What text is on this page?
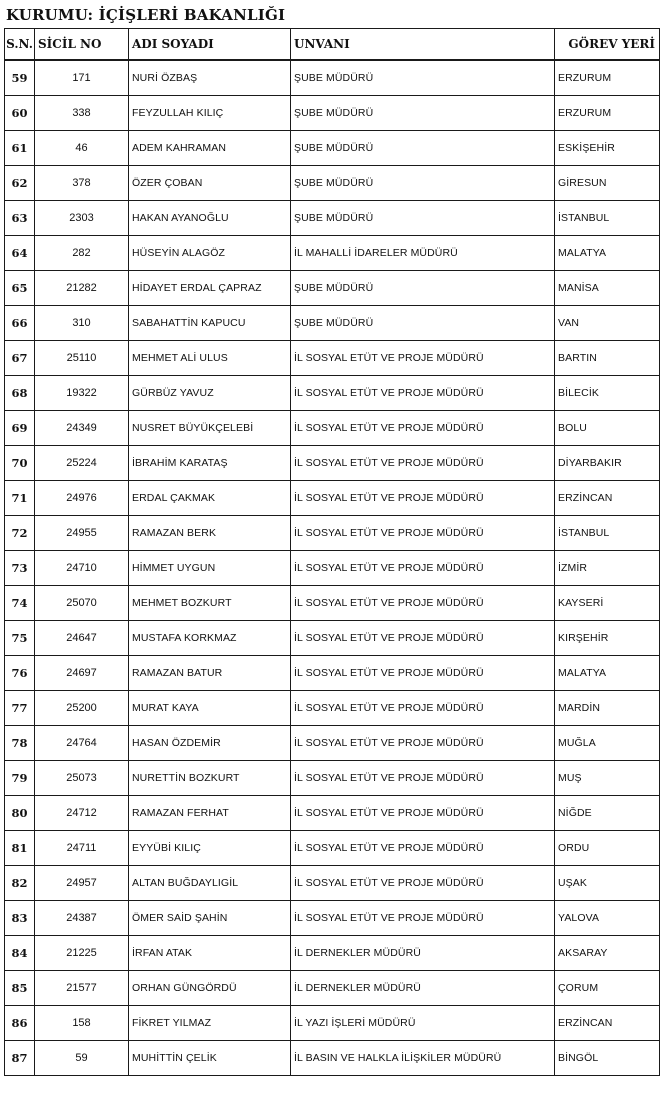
KURUMU: İÇİŞLERİ BAKANLIĞI
S.N.	SİCİL NO	ADI SOYADI	UNVANI	GÖREV YERİ
59	171	NURİ ÖZBAŞ	ŞUBE MÜDÜRÜ	ERZURUM
60	338	FEYZULLAH KILIÇ	ŞUBE MÜDÜRÜ	ERZURUM
61	46	ADEM KAHRAMAN	ŞUBE MÜDÜRÜ	ESKİŞEHİR
62	378	ÖZER ÇOBAN	ŞUBE MÜDÜRÜ	GİRESUN
63	2303	HAKAN AYANOĞLU	ŞUBE MÜDÜRÜ	İSTANBUL
64	282	HÜSEYİN ALAGÖZ	İL MAHALLİ İDARELER MÜDÜRÜ	MALATYA
65	21282	HİDAYET ERDAL ÇAPRAZ	ŞUBE MÜDÜRÜ	MANİSA
66	310	SABAHATTİN KAPUCU	ŞUBE MÜDÜRÜ	VAN
67	25110	MEHMET ALİ ULUS	İL SOSYAL ETÜT VE PROJE MÜDÜRÜ	BARTIN
68	19322	GÜRBÜZ YAVUZ	İL SOSYAL ETÜT VE PROJE MÜDÜRÜ	BİLECİK
69	24349	NUSRET BÜYÜKÇELEBİ	İL SOSYAL ETÜT VE PROJE MÜDÜRÜ	BOLU
70	25224	İBRAHİM KARATAŞ	İL SOSYAL ETÜT VE PROJE MÜDÜRÜ	DİYARBAKIR
71	24976	ERDAL ÇAKMAK	İL SOSYAL ETÜT VE PROJE MÜDÜRÜ	ERZİNCAN
72	24955	RAMAZAN BERK	İL SOSYAL ETÜT VE PROJE MÜDÜRÜ	İSTANBUL
73	24710	HİMMET UYGUN	İL SOSYAL ETÜT VE PROJE MÜDÜRÜ	İZMİR
74	25070	MEHMET BOZKURT	İL SOSYAL ETÜT VE PROJE MÜDÜRÜ	KAYSERİ
75	24647	MUSTAFA KORKMAZ	İL SOSYAL ETÜT VE PROJE MÜDÜRÜ	KIRŞEHİR
76	24697	RAMAZAN BATUR	İL SOSYAL ETÜT VE PROJE MÜDÜRÜ	MALATYA
77	25200	MURAT KAYA	İL SOSYAL ETÜT VE PROJE MÜDÜRÜ	MARDİN
78	24764	HASAN ÖZDEMİR	İL SOSYAL ETÜT VE PROJE MÜDÜRÜ	MUĞLA
79	25073	NURETTİN BOZKURT	İL SOSYAL ETÜT VE PROJE MÜDÜRÜ	MUŞ
80	24712	RAMAZAN FERHAT	İL SOSYAL ETÜT VE PROJE MÜDÜRÜ	NİĞDE
81	24711	EYYÜBİ KILIÇ	İL SOSYAL ETÜT VE PROJE MÜDÜRÜ	ORDU
82	24957	ALTAN BUĞDAYLIGİL	İL SOSYAL ETÜT VE PROJE MÜDÜRÜ	UŞAK
83	24387	ÖMER SAİD ŞAHİN	İL SOSYAL ETÜT VE PROJE MÜDÜRÜ	YALOVA
84	21225	İRFAN ATAK	İL DERNEKLER MÜDÜRÜ	AKSARAY
85	21577	ORHAN GÜNGÖRDÜ	İL DERNEKLER MÜDÜRÜ	ÇORUM
86	158	FİKRET YILMAZ	İL YAZI İŞLERİ MÜDÜRÜ	ERZİNCAN
87	59	MUHİTTİN ÇELİK	İL BASIN VE HALKLA İLİŞKİLER MÜDÜRÜ	BİNGÖL
